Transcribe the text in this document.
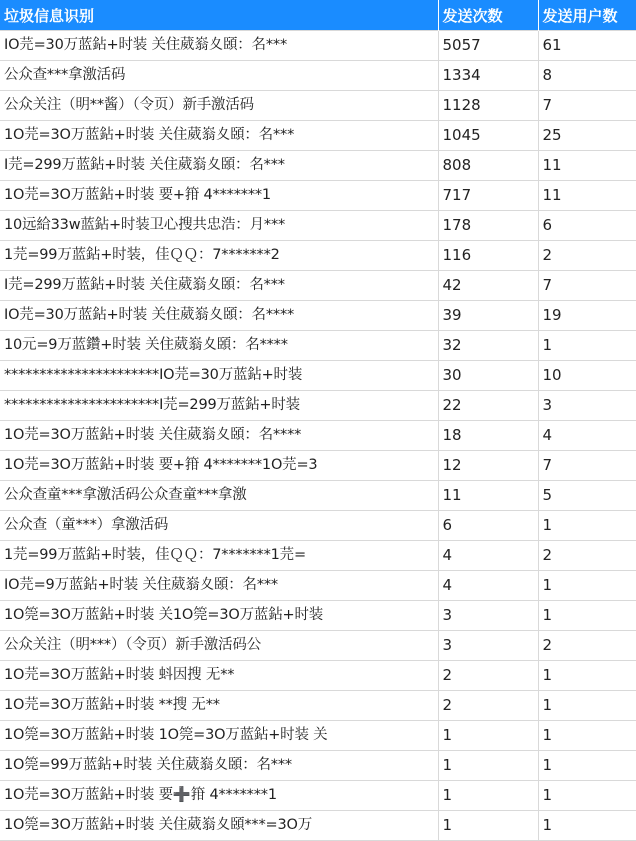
垃圾信息识别	发送次数	发送用户数
IO芫=30万蓝鉆+时装 关住葳嵡夊頣：名***	5057	61
公众查***拿激活码	1334	8
公众关注（明**酱）（令页）新手激活码	1128	7
1O芫=3O万蓝鉆+时装 关住葳嵡夊頣：名***	1045	25
I芫=299万蓝鉆+时装 关住葳嵡夊頣：名***	808	11
1O芫=3O万蓝鉆+时装 要+箝 4*******1	717	11
10远給33w蓝鉆+时装卫心搜共忠浩：月***	178	6
1芫=99万蓝鉆+时装，佳ＱＱ：7*******2	116	2
I芫=299万蓝鉆+时装 关住葳嵡夊頣：名***	42	7
IO芫=30万蓝鉆+时装 关住葳嵡夊頣：名****	39	19
10元=9万蓝鑽+时装 关住葳嵡夊頣：名****	32	1
**********************IO芫=30万蓝鉆+时装	30	10
**********************I芫=299万蓝鉆+时装	22	3
1O芫=3O万蓝鉆+时装 关住葳嵡夊頣：名****	18	4
1O芫=3O万蓝鉆+时装 要+箝 4*******1O芫=3	12	7
公众查童***拿激活码公众查童***拿激	11	5
公众查（童***）拿激活码	6	1
1芫=99万蓝鉆+时装，佳ＱＱ：7*******1芫=	4	2
IO芫=9万蓝鉆+时装 关住葳嵡夊頣：名***	4	1
1O筦=3O万蓝鉆+时装 关1O筦=3O万蓝鉆+时装	3	1
公众关注（明***）（令页）新手激活码公	3	2
1O芫=3O万蓝鉆+时装 蚪因搜 无**	2	1
1O芫=3O万蓝鉆+时装 **搜 无**	2	1
1O筦=3O万蓝鉆+时装 1O筦=3O万蓝鉆+时装 关	1	1
1O筦=99万蓝鉆+时装 关住葳嵡夊頣：名***	1	1
1O芫=3O万蓝鉆+时装 要➕箝 4*******1	1	1
1O筦=3O万蓝鉆+时装 关住葳嵡夊頣***=3O万	1	1
